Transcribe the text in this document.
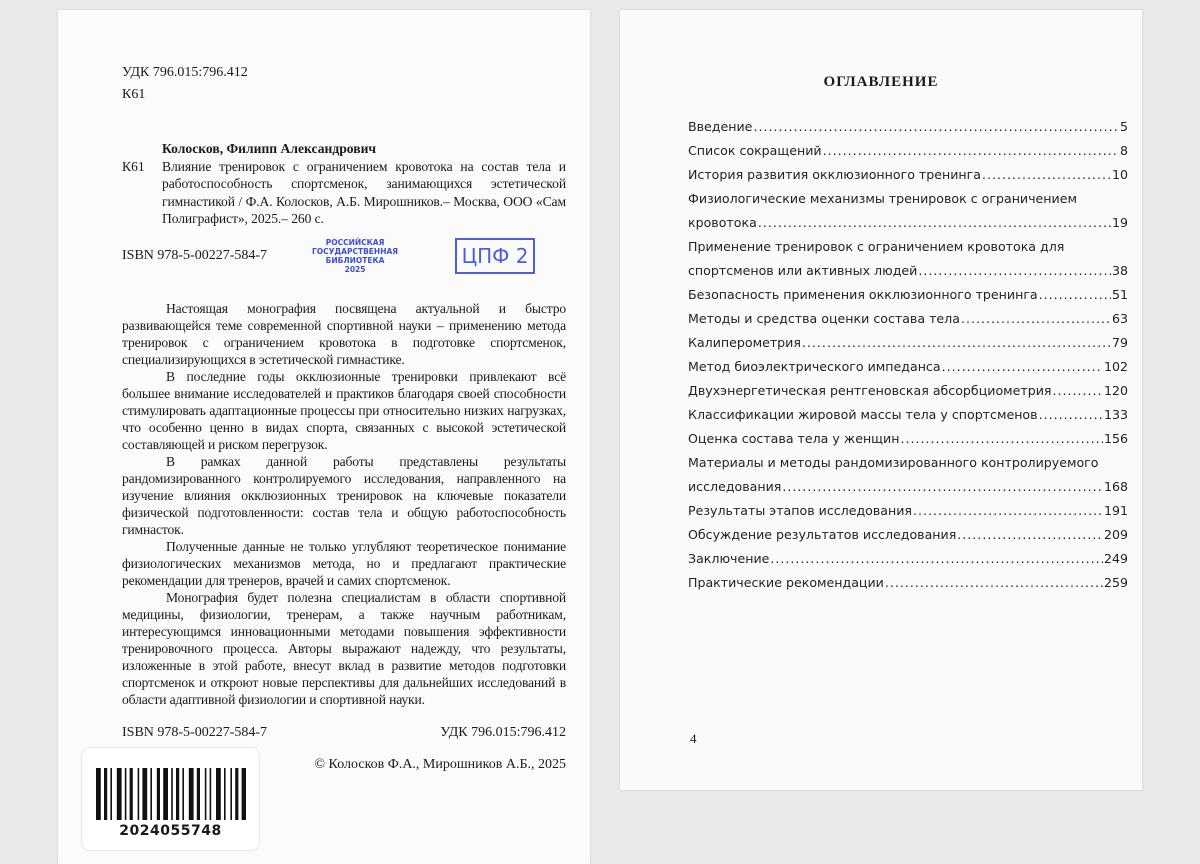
УДК 796.015:796.412
К61
Колосков, Филипп Александрович
К61	Влияние тренировок с ограничением кровотока на состав тела и работоспособность спортсменок, занимающихся эстетической гимнастикой / Ф.А. Колосков, А.Б. Мирошников.– Москва, ООО «Сам Полиграфист», 2025.– 260 с.
ISBN 978-5-00227-584-7
РОССИЙСКАЯ
ГОСУДАРСТВЕННАЯ
БИБЛИОТЕКА
2025
ЦПФ 2

Настоящая монография посвящена актуальной и быстро развивающейся теме современной спортивной науки – применению метода тренировок с ограничением кровотока в подготовке спортсменок, специализирующихся в эстетической гимнастике.

В последние годы окклюзионные тренировки привлекают всё большее внимание исследователей и практиков благодаря своей способности стимулировать адаптационные процессы при относительно низких нагрузках, что особенно ценно в видах спорта, связанных с высокой эстетической составляющей и риском перегрузок.

В рамках данной работы представлены результаты рандомизированного контролируемого исследования, направленного на изучение влияния окклюзионных тренировок на ключевые показатели физической подготовленности: состав тела и общую работоспособность гимнасток.

Полученные данные не только углубляют теоретическое понимание физиологических механизмов метода, но и предлагают практические рекомендации для тренеров, врачей и самих спортсменок.

Монография будет полезна специалистам в области спортивной медицины, физиологии, тренерам, а также научным работникам, интересующимся инновационными методами повышения эффективности тренировочного процесса. Авторы выражают надежду, что результаты, изложенные в этой работе, внесут вклад в развитие методов подготовки спортсменок и откроют новые перспективы для дальнейших исследований в области адаптивной физиологии и спортивной науки.

ISBN 978-5-00227-584-7	УДК 796.015:796.412
2024055748
© Колосков Ф.А., Мирошников А.Б., 2025
ОГЛАВЛЕНИЕ
Введение .....	5
Список сокращений .....	8
История развития окклюзионного тренинга .....	10
Физиологические механизмы тренировок с ограничением
кровотока .....	19
Применение тренировок с ограничением кровотока для
спортсменов или активных людей .....	38
Безопасность применения окклюзионного тренинга .....	51
Методы и средства оценки состава тела .....	63
Калиперометрия .....	79
Метод биоэлектрического импеданса .....	102
Двухэнергетическая рентгеновская абсорбциометрия .....	120
Классификации жировой массы тела у спортсменов .....	133
Оценка состава тела у женщин .....	156
Материалы и методы рандомизированного контролируемого
исследования .....	168
Результаты этапов исследования .....	191
Обсуждение результатов исследования .....	209
Заключение .....	249
Практические рекомендации .....	259
4
